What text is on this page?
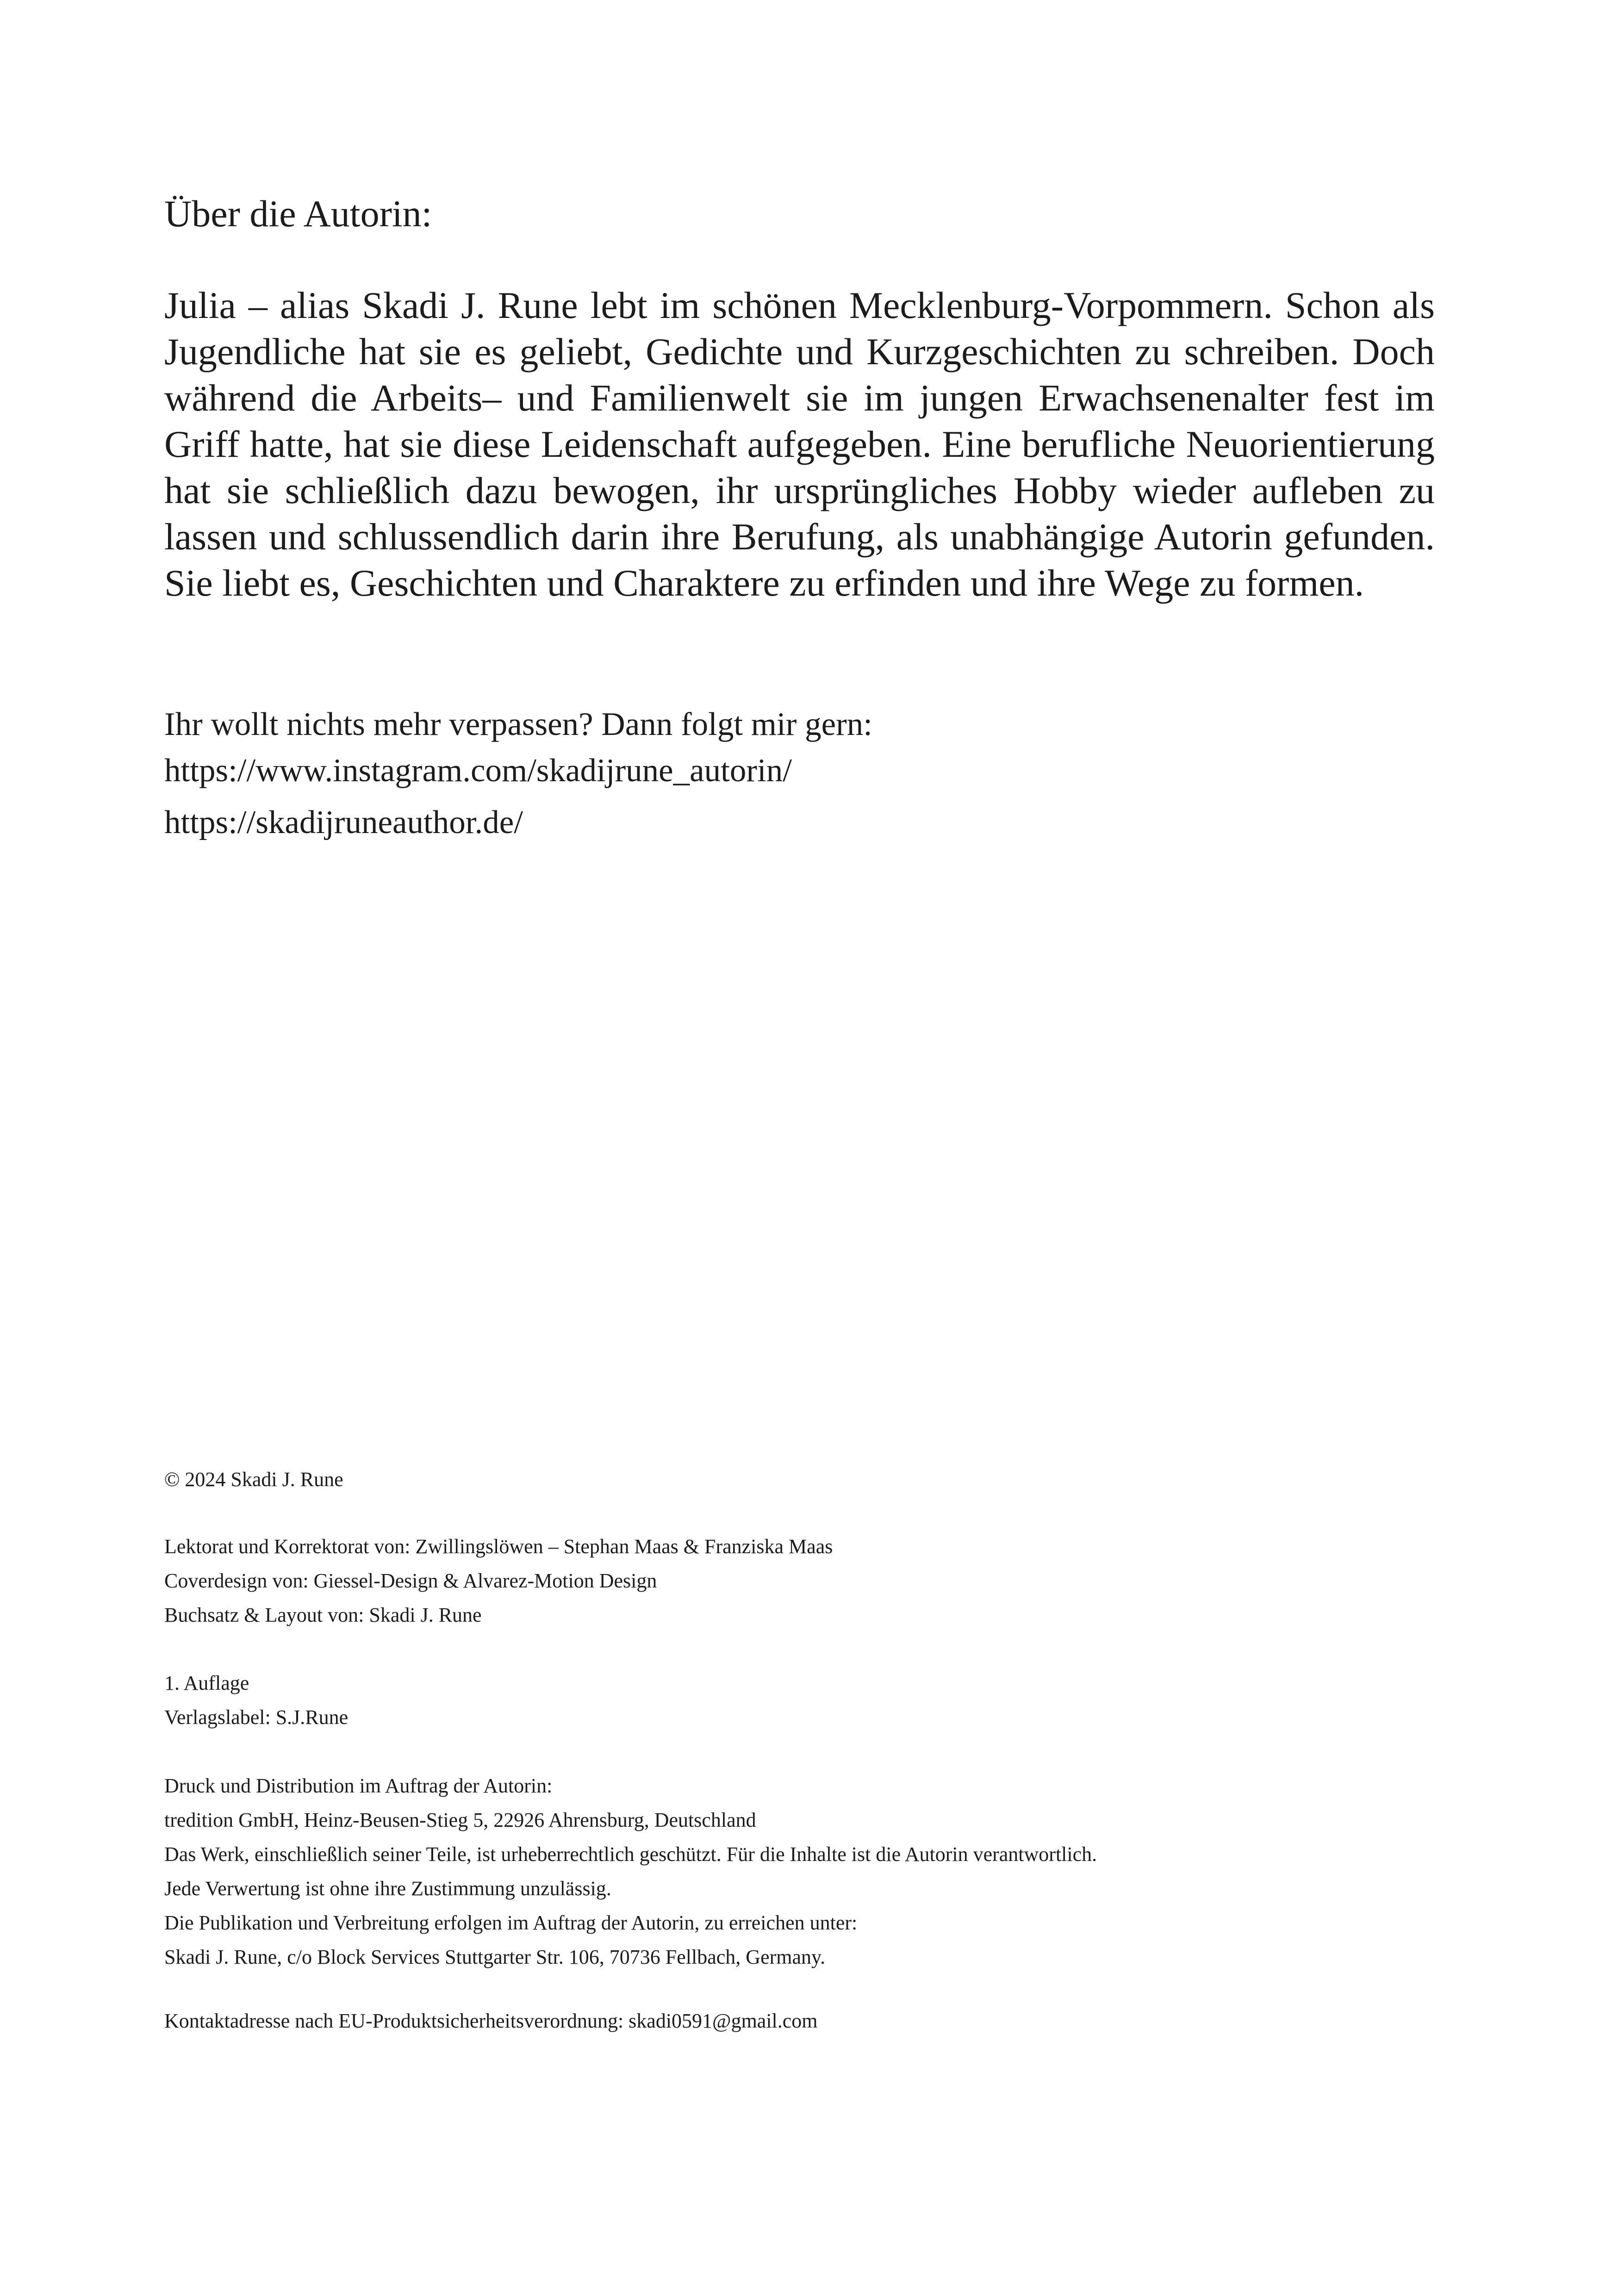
Über die Autorin:

Julia – alias Skadi J. Rune lebt im schönen Mecklenburg-Vorpommern. Schon als Jugendliche hat sie es geliebt, Gedichte und Kurzgeschichten zu schreiben. Doch während die Arbeits– und Familienwelt sie im jungen Erwachsenenalter fest im Griff hatte, hat sie diese Leidenschaft aufgegeben. Eine berufliche Neuorientierung hat sie schließlich dazu bewogen, ihr ursprüngliches Hobby wieder aufleben zu lassen und schlussendlich darin ihre Berufung, als unabhängige Autorin gefunden. Sie liebt es, Geschichten und Charaktere zu erfinden und ihre Wege zu formen.

Ihr wollt nichts mehr verpassen? Dann folgt mir gern:
https://www.instagram.com/skadijrune_autorin/

https://skadijruneauthor.de/

© 2024 Skadi J. Rune

Lektorat und Korrektorat von: Zwillingslöwen – Stephan Maas & Franziska Maas
Coverdesign von: Giessel-Design & Alvarez-Motion Design
Buchsatz & Layout von: Skadi J. Rune

1. Auflage
Verlagslabel: S.J.Rune

Druck und Distribution im Auftrag der Autorin:
tredition GmbH, Heinz-Beusen-Stieg 5, 22926 Ahrensburg, Deutschland
Das Werk, einschließlich seiner Teile, ist urheberrechtlich geschützt. Für die Inhalte ist die Autorin verantwortlich.
Jede Verwertung ist ohne ihre Zustimmung unzulässig.
Die Publikation und Verbreitung erfolgen im Auftrag der Autorin, zu erreichen unter:
Skadi J. Rune, c/o Block Services Stuttgarter Str. 106, 70736 Fellbach, Germany.

Kontaktadresse nach EU-Produktsicherheitsverordnung: skadi0591@gmail.com
